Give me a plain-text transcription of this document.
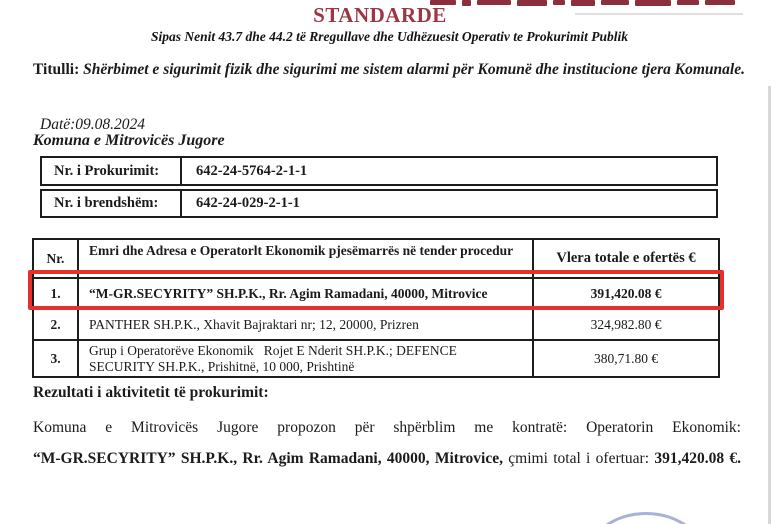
STANDARDE
Sipas Nenit 43.7 dhe 44.2 të Rregullave dhe Udhëzuesit Operativ te Prokurimit Publik
Titulli: Shërbimet e sigurimit fizik dhe sigurimi me sistem alarmi për Komunë dhe institucione tjera Komunale.
Datë:09.08.2024
Komuna e Mitrovicës Jugore
Nr. i Prokurimit:	642-24-5764-2-1-1
Nr. i brendshëm:	642-24-029-2-1-1
Nr.	Emri dhe Adresa e Operatorlt Ekonomik pjesëmarrës në tender procedur	Vlera totale e ofertës €
1.	“M-GR.SECYRITY” SH.P.K., Rr. Agim Ramadani, 40000, Mitrovice	391,420.08 €
2.	PANTHER SH.P.K., Xhavit Bajraktari nr; 12, 20000, Prizren	324,982.80 €
3.	Grup i Operatorëve Ekonomik   Rojet E Nderit SH.P.K.; DEFENCE SECURITY SH.P.K., Prishitnë, 10 000, Prishtinë
380,71.80 €
Rezultati i aktivitetit të prokurimit:
Komuna e Mitrovicës Jugore propozon për shpërblim me kontratë: Operatorin Ekonomik:
“M-GR.SECYRITY” SH.P.K., Rr. Agim Ramadani, 40000, Mitrovice, çmimi total i ofertuar: 391,420.08 €.
